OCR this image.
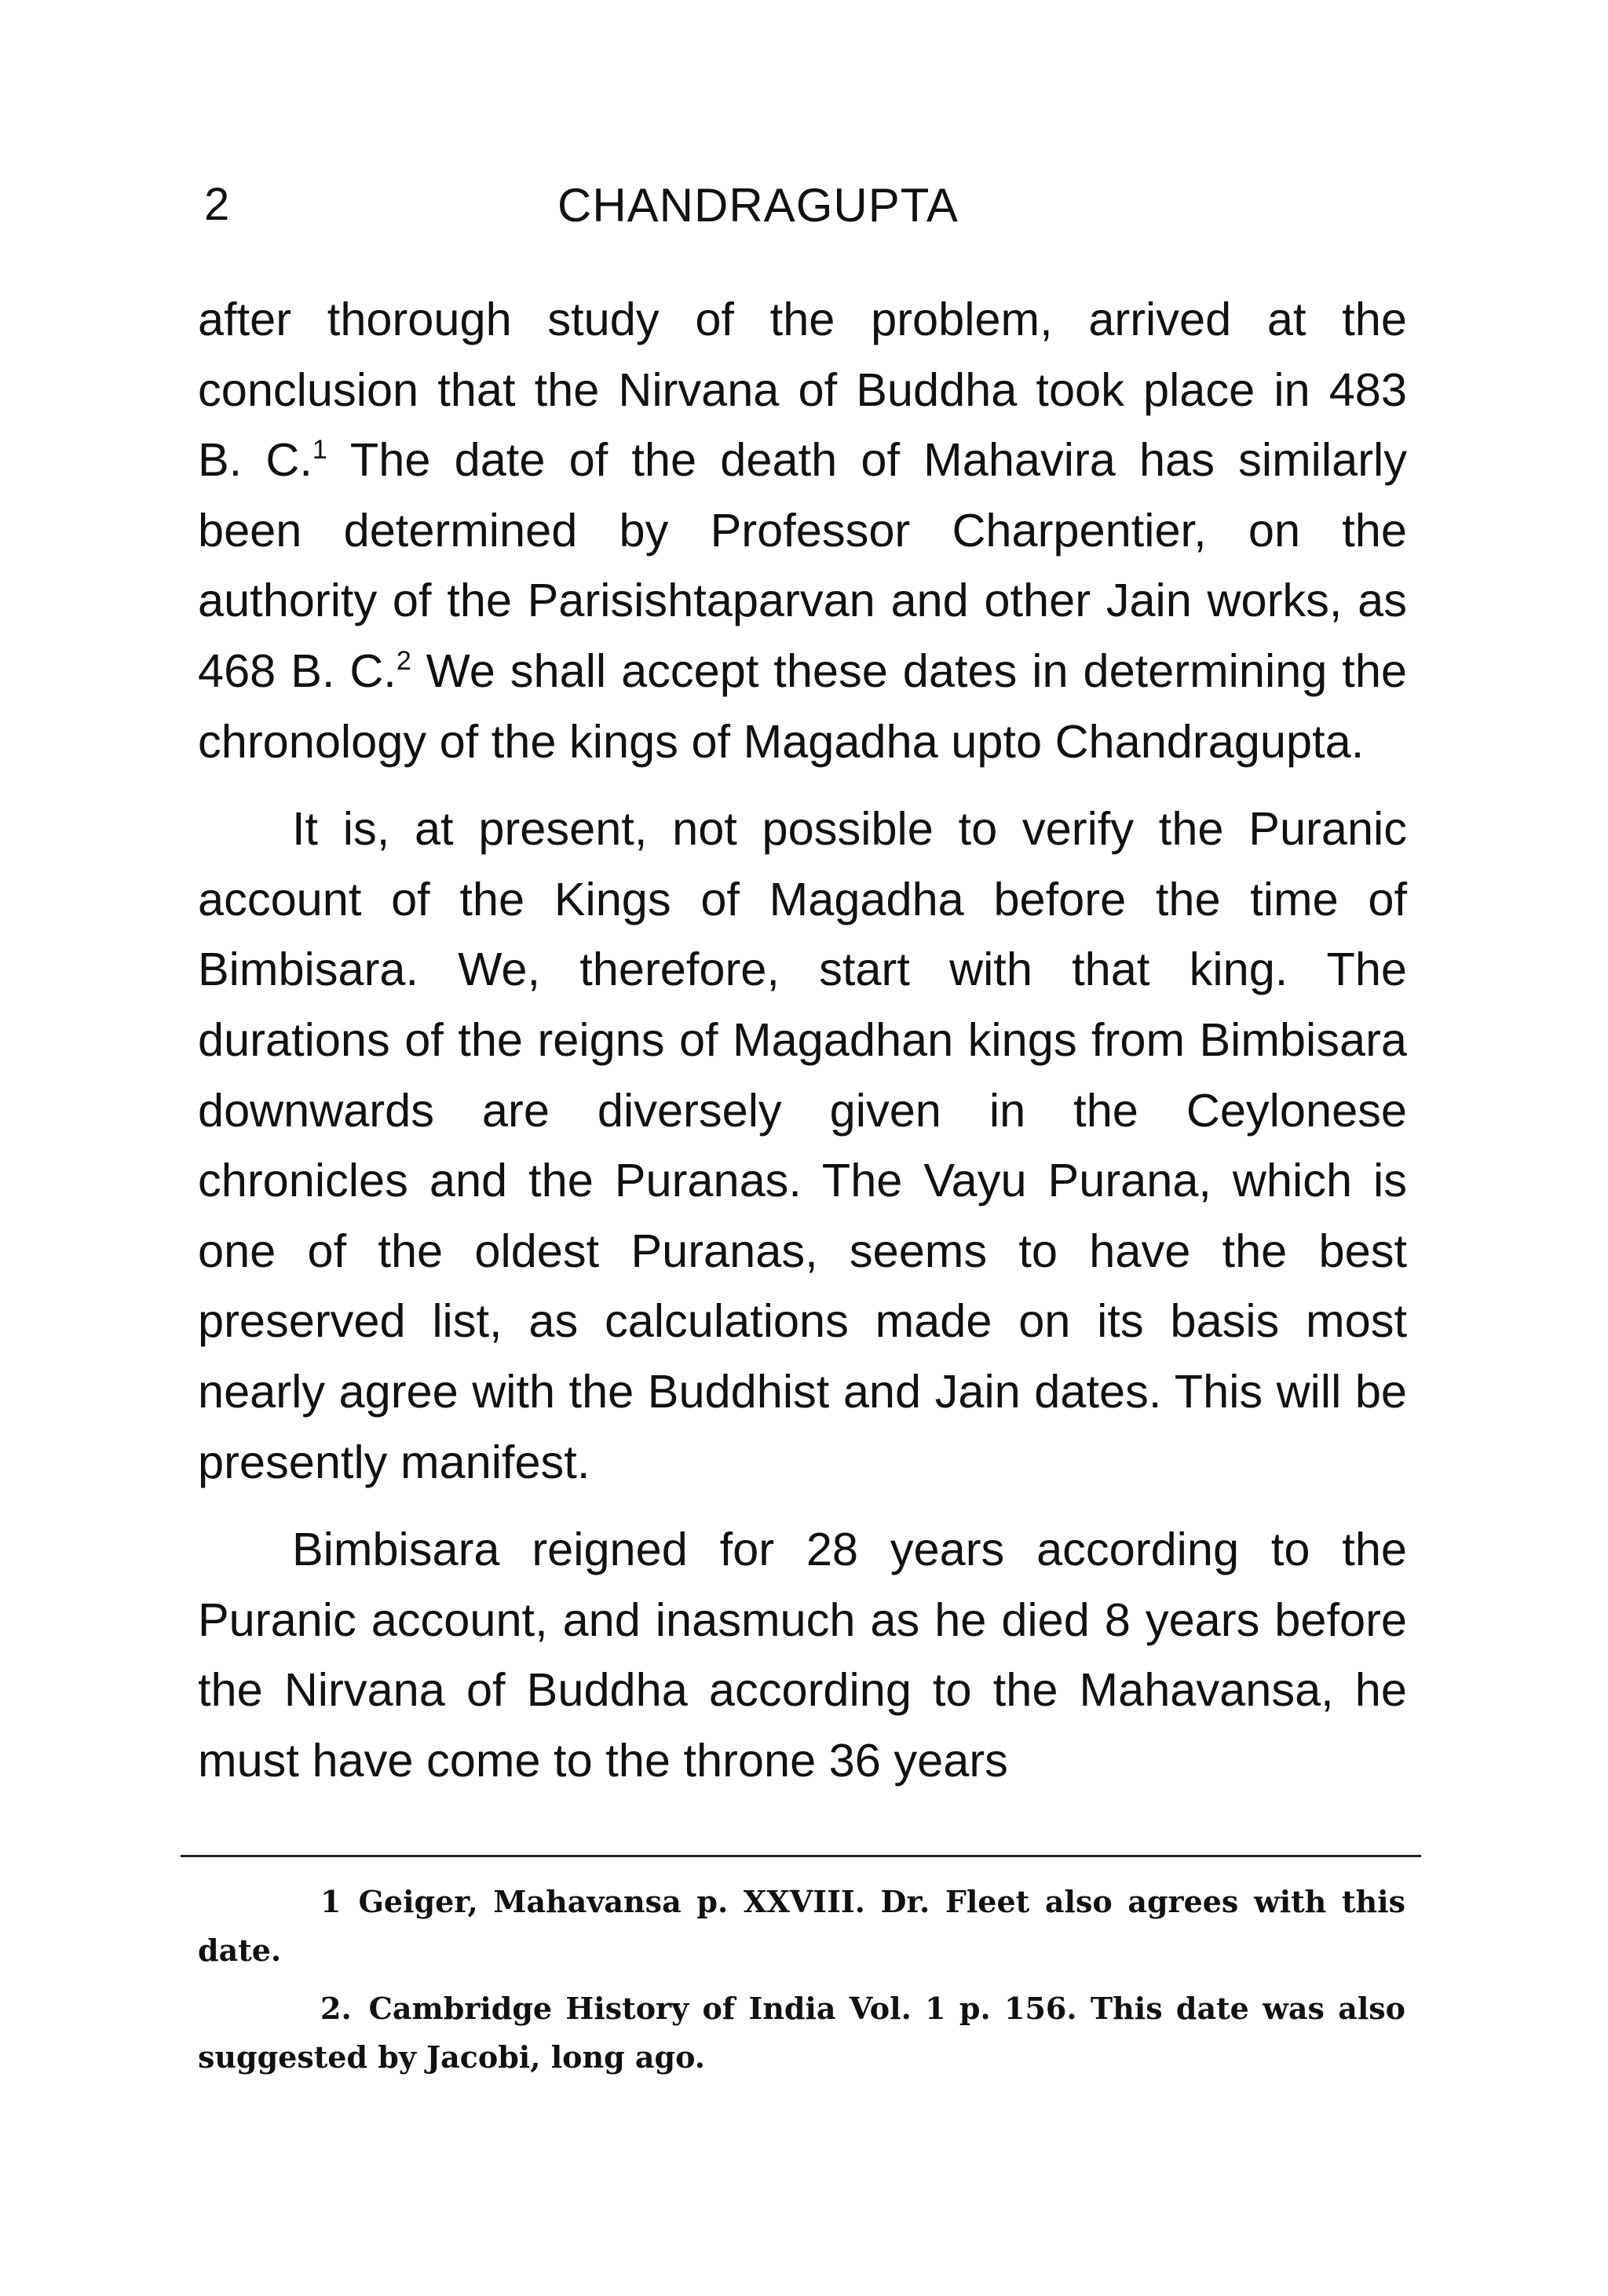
2	CHANDRAGUPTA

after thorough study of the problem, arrived at the conclusion that the Nirvana of Buddha took place in 483 B. C.$^1$ The date of the death of Mahavira has similarly been determined by Professor Charpentier, on the authority of the Parisishtaparvan and other Jain works, as 468 B. C.$^2$ We shall accept these dates in determining the chronology of the kings of Magadha upto Chandragupta.

It is, at present, not possible to verify the Puranic account of the Kings of Magadha before the time of Bimbisara. We, therefore, start with that king. The durations of the reigns of Magadhan kings from Bimbisara downwards are diversely given in the Ceylonese chronicles and the Puranas. The Vayu Purana, which is one of the oldest Puranas, seems to have the best preserved list, as calculations made on its basis most nearly agree with the Buddhist and Jain dates. This will be presently manifest.

Bimbisara reigned for 28 years according to the Puranic account, and inasmuch as he died 8 years before the Nirvana of Buddha according to the Mahavansa, he must have come to the throne 36 years

1 Geiger, Mahavansa p. XXVIII. Dr. Fleet also agrees with this date.

2. Cambridge History of India Vol. 1 p. 156. This date was also suggested by Jacobi, long ago.
